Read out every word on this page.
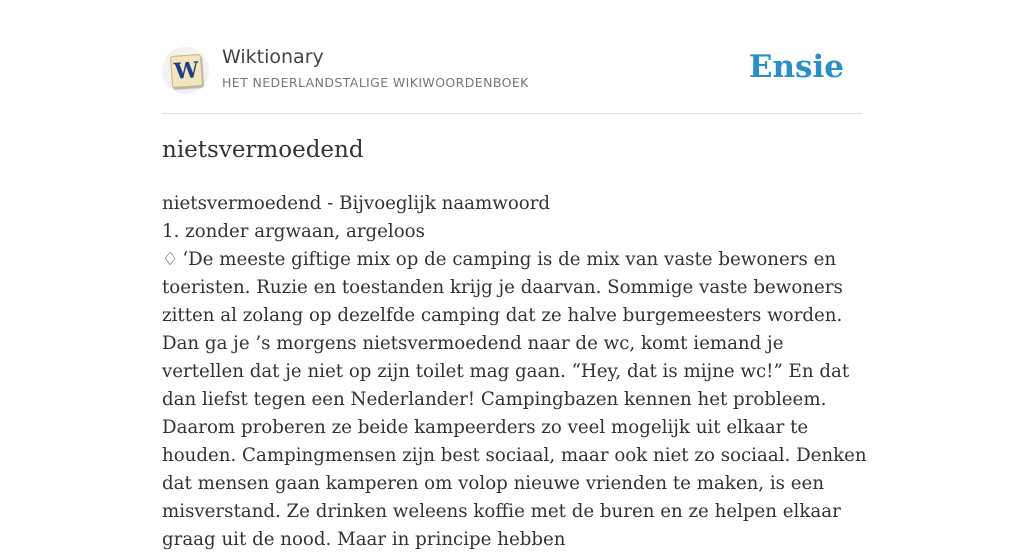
W
Wiktionary
HET NEDERLANDSTALIGE WIKIWOORDENBOEK	Ensie
nietsvermoedend

nietsvermoedend - Bijvoeglijk naamwoord

1. zonder argwaan, argeloos

♢ ‘De meeste giftige mix op de camping is de mix van vaste bewoners en toeristen. Ruzie en toestanden krijg je daarvan. Sommige vaste bewoners zitten al zolang op dezelfde camping dat ze halve burgemeesters worden. Dan ga je ’s morgens nietsvermoedend naar de wc, komt iemand je vertellen dat je niet op zijn toilet mag gaan. “Hey, dat is mijne wc!” En dat dan liefst tegen een Nederlander! Campingbazen kennen het probleem. Daarom proberen ze beide kampeerders zo veel mogelijk uit elkaar te houden. Campingmensen zijn best sociaal, maar ook niet zo sociaal. Denken dat mensen gaan kamperen om volop nieuwe vrienden te maken, is een misverstand. Ze drinken weleens koffie met de buren en ze helpen elkaar graag uit de nood. Maar in principe hebben
